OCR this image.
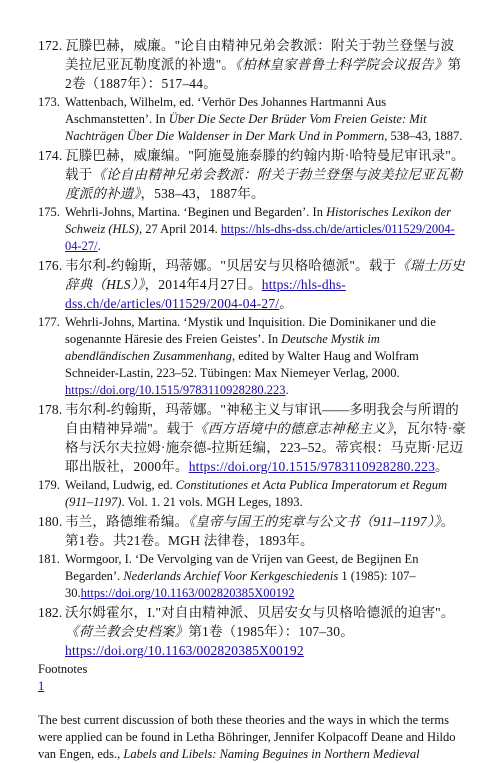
172. 瓦滕巴赫，威廉。"论自由精神兄弟会教派：附关于勃兰登堡与波美拉尼亚瓦勒度派的补遗"。《柏林皇家普鲁士科学院会议报告》第2卷（1887年）：517–44。
173. Wattenbach, Wilhelm, ed. ‘Verhör Des Johannes Hartmanni Aus Aschmanstetten’. In Über Die Secte Der Brüder Vom Freien Geiste: Mit Nachträgen Über Die Waldenser in Der Mark Und in Pommern, 538–43, 1887.
174. 瓦滕巴赫，威廉编。"阿施曼施泰滕的约翰内斯·哈特曼尼审讯录"。载于《论自由精神兄弟会教派：附关于勃兰登堡与波美拉尼亚瓦勒度派的补遗》，538–43，1887年。
175. Wehrli-Johns, Martina. ‘Beginen und Begarden’. In Historisches Lexikon der Schweiz (HLS), 27 April 2014. https://hls-dhs-dss.ch/de/articles/011529/2004-04-27/.
176. 韦尔利-约翰斯，玛蒂娜。"贝居安与贝格哈德派"。载于《瑞士历史辞典（HLS）》，2014年4月27日。https://hls-dhs-dss.ch/de/articles/011529/2004-04-27/。
177. Wehrli-Johns, Martina. ‘Mystik und Inquisition. Die Dominikaner und die sogenannte Häresie des Freien Geistes’. In Deutsche Mystik im abendländischen Zusammenhang, edited by Walter Haug and Wolfram Schneider-Lastin, 223–52. Tübingen: Max Niemeyer Verlag, 2000. https://doi.org/10.1515/9783110928280.223.
178. 韦尔利-约翰斯，玛蒂娜。"神秘主义与审讯——多明我会与所谓的自由精神异端"。载于《西方语境中的德意志神秘主义》，瓦尔特·豪格与沃尔夫拉姆·施奈德-拉斯廷编，223–52。蒂宾根：马克斯·尼迈耶出版社，2000年。https://doi.org/10.1515/9783110928280.223。
179. Weiland, Ludwig, ed. Constitutiones et Acta Publica Imperatorum et Regum (911–1197). Vol. 1. 21 vols. MGH Leges, 1893.
180. 韦兰，路德维希编。《皇帝与国王的宪章与公文书（911–1197）》。第1卷。共21卷。MGH 法律卷，1893年。
181. Wormgoor, I. ‘De Vervolging van de Vrijen van Geest, de Begijnen En Begarden’. Nederlands Archief Voor Kerkgeschiedenis 1 (1985): 107–30.https://doi.org/10.1163/002820385X00192
182. 沃尔姆霍尔，I."对自由精神派、贝居安女与贝格哈德派的迫害"。《荷兰教会史档案》第1卷（1985年）：107–30。https://doi.org/10.1163/002820385X00192
Footnotes
1

The best current discussion of both these theories and the ways in which the terms were applied can be found in Letha Böhringer, Jennifer Kolpacoff Deane and Hildo van Engen, eds., Labels and Libels: Naming Beguines in Northern Medieval
